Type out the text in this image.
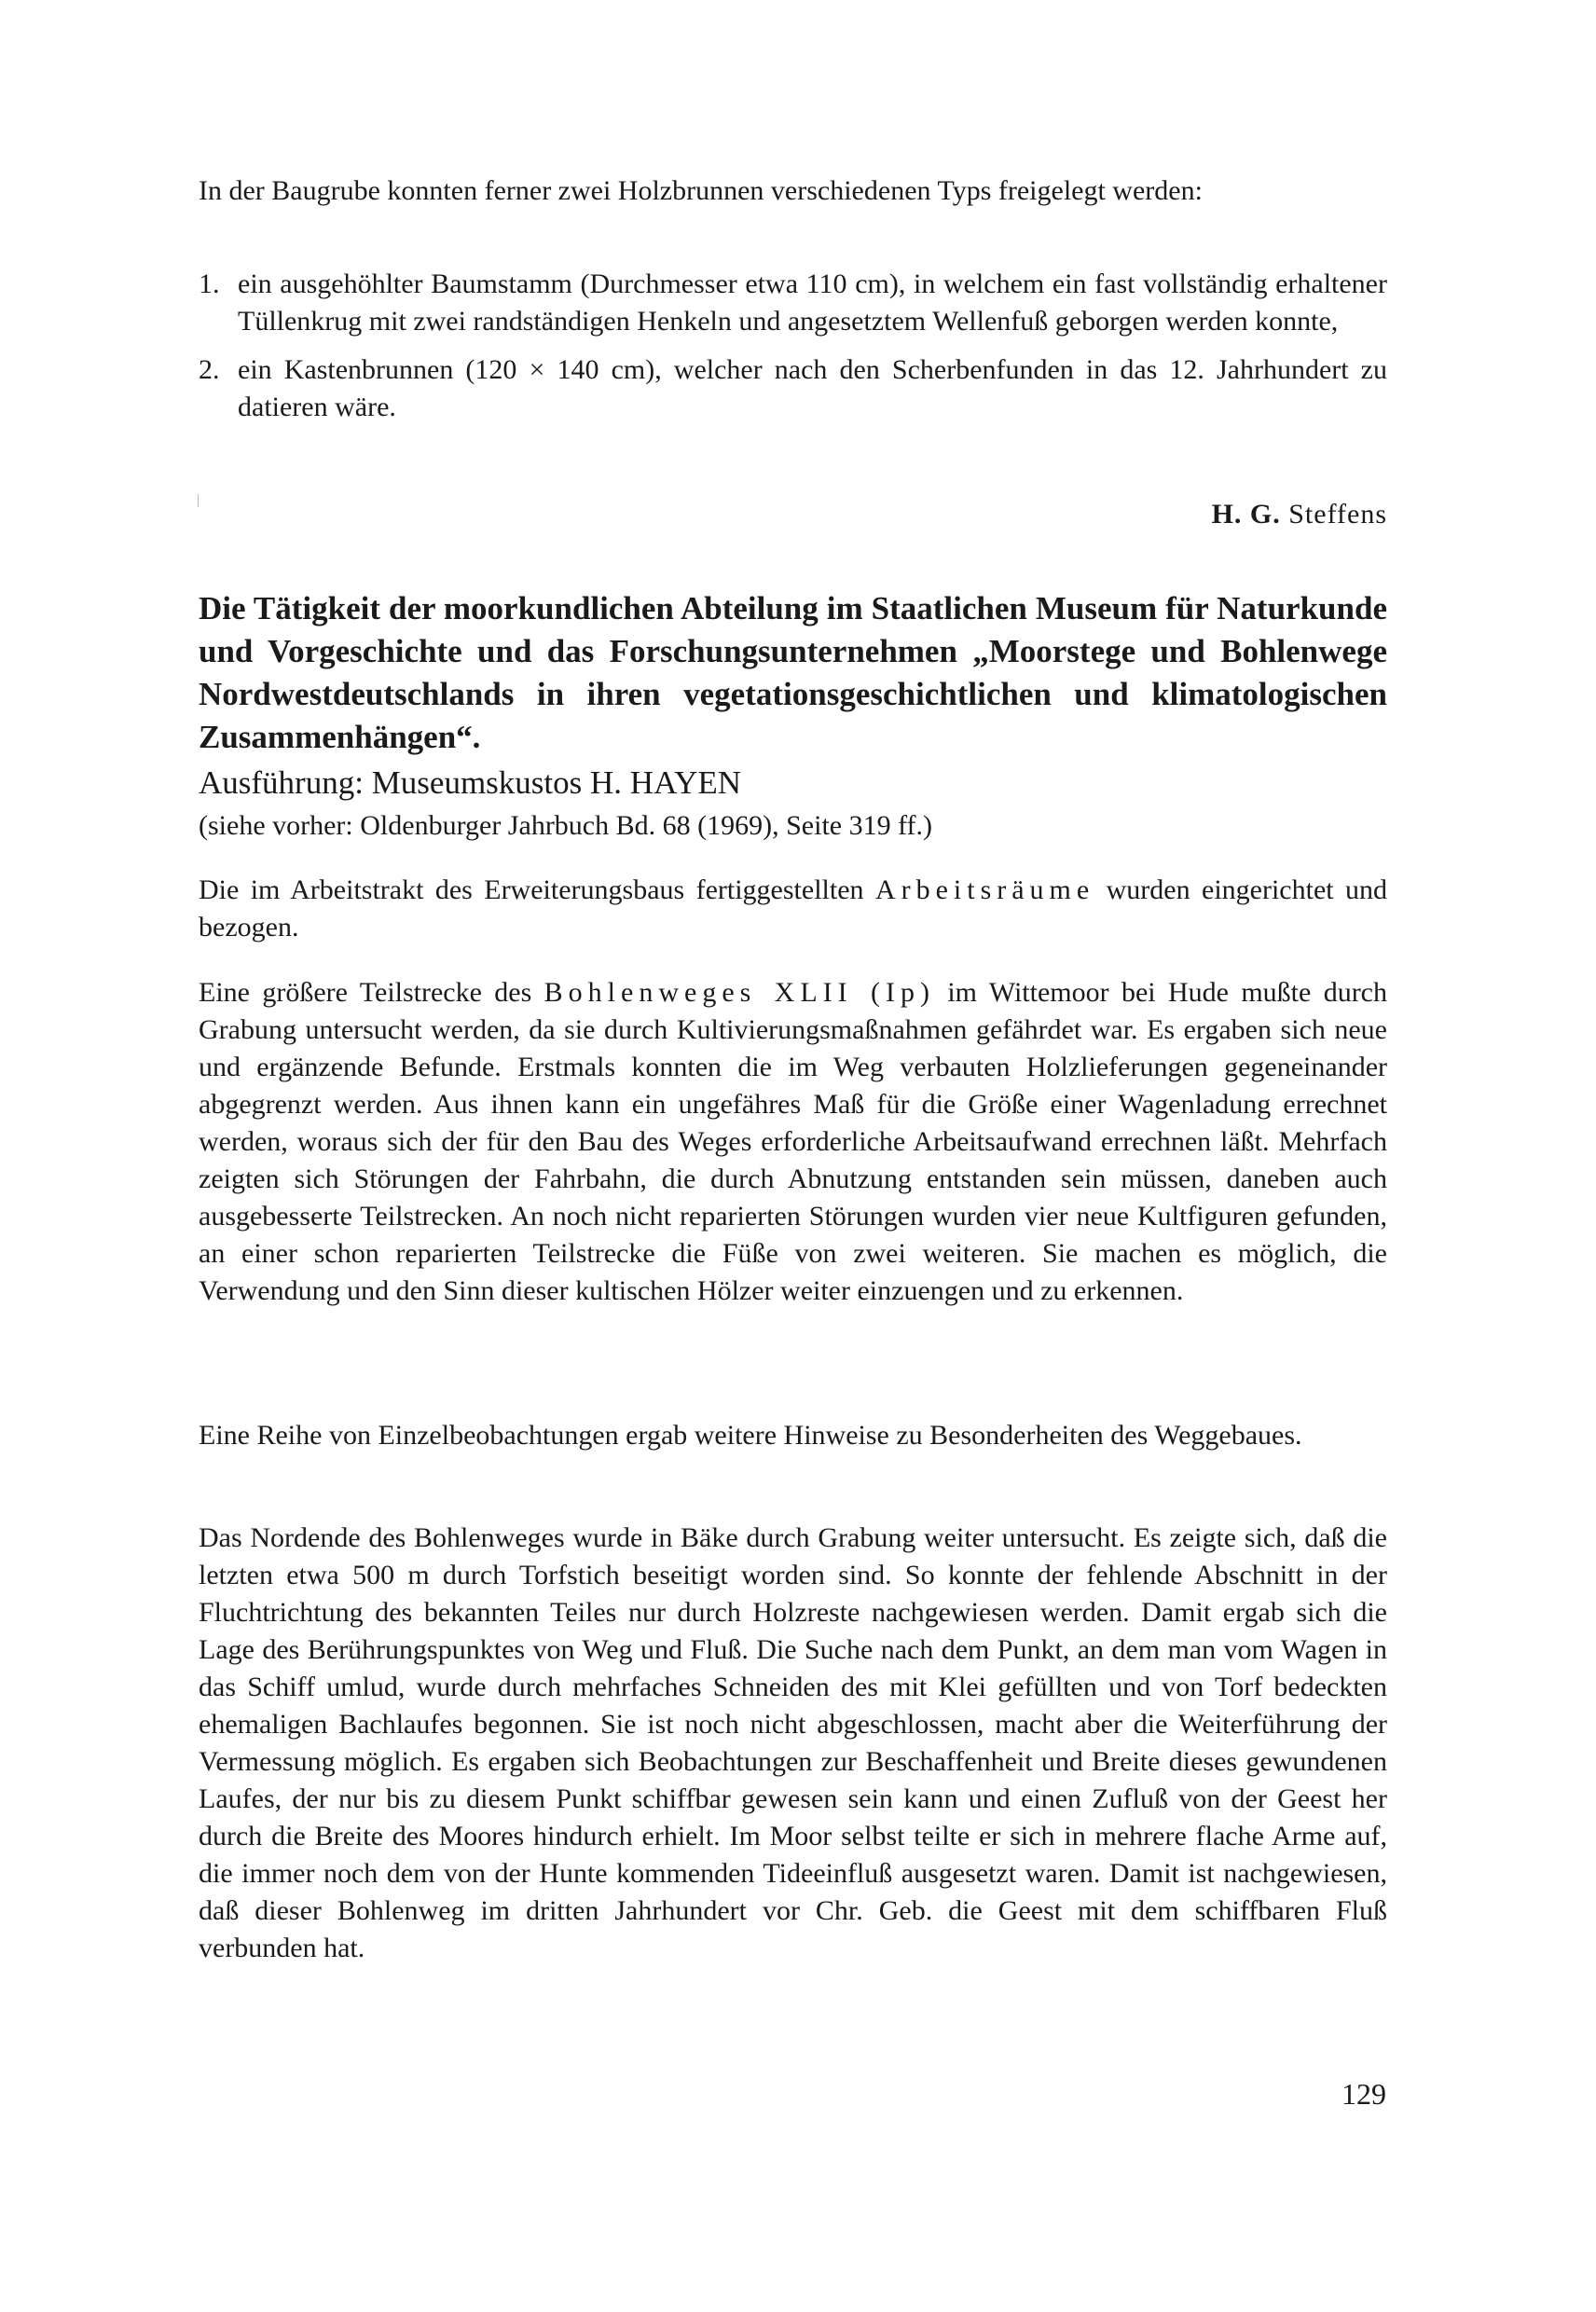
In der Baugrube konnten ferner zwei Holzbrunnen verschiedenen Typs freigelegt werden:

1. ein ausgehöhlter Baumstamm (Durchmesser etwa 110 cm), in welchem ein fast vollständig erhaltener Tüllenkrug mit zwei randständigen Henkeln und angesetztem Wellenfuß geborgen werden konnte,
2. ein Kastenbrunnen (120 × 140 cm), welcher nach den Scherbenfunden in das 12. Jahrhundert zu datieren wäre.
H. G. Steffens
Die Tätigkeit der moorkundlichen Abteilung im Staatlichen Museum für Naturkunde und Vorgeschichte und das Forschungsunternehmen „Moorstege und Bohlenwege Nordwestdeutschlands in ihren vegetationsgeschichtlichen und klimatologischen Zusammenhängen“.

Ausführung: Museumskustos H. HAYEN

(siehe vorher: Oldenburger Jahrbuch Bd. 68 (1969), Seite 319 ff.)

Die im Arbeitstrakt des Erweiterungsbaus fertiggestellten Arbeitsräume wurden eingerichtet und bezogen.

Eine größere Teilstrecke des Bohlenweges XLII (Ip) im Wittemoor bei Hude mußte durch Grabung untersucht werden, da sie durch Kultivierungsmaßnahmen gefährdet war. Es ergaben sich neue und ergänzende Befunde. Erstmals konnten die im Weg verbauten Holzlieferungen gegeneinander abgegrenzt werden. Aus ihnen kann ein ungefähres Maß für die Größe einer Wagenladung errechnet werden, woraus sich der für den Bau des Weges erforderliche Arbeitsaufwand errechnen läßt. Mehrfach zeigten sich Störungen der Fahrbahn, die durch Abnutzung entstanden sein müssen, daneben auch ausgebesserte Teilstrecken. An noch nicht reparierten Störungen wurden vier neue Kultfiguren gefunden, an einer schon reparierten Teilstrecke die Füße von zwei weiteren. Sie machen es möglich, die Verwendung und den Sinn dieser kultischen Hölzer weiter einzuengen und zu erkennen.

Eine Reihe von Einzelbeobachtungen ergab weitere Hinweise zu Besonderheiten des Weggebaues.

Das Nordende des Bohlenweges wurde in Bäke durch Grabung weiter untersucht. Es zeigte sich, daß die letzten etwa 500 m durch Torfstich beseitigt worden sind. So konnte der fehlende Abschnitt in der Fluchtrichtung des bekannten Teiles nur durch Holzreste nachgewiesen werden. Damit ergab sich die Lage des Berührungspunktes von Weg und Fluß. Die Suche nach dem Punkt, an dem man vom Wagen in das Schiff umlud, wurde durch mehrfaches Schneiden des mit Klei gefüllten und von Torf bedeckten ehemaligen Bachlaufes begonnen. Sie ist noch nicht abgeschlossen, macht aber die Weiterführung der Vermessung möglich. Es ergaben sich Beobachtungen zur Beschaffenheit und Breite dieses gewundenen Laufes, der nur bis zu diesem Punkt schiffbar gewesen sein kann und einen Zufluß von der Geest her durch die Breite des Moores hindurch erhielt. Im Moor selbst teilte er sich in mehrere flache Arme auf, die immer noch dem von der Hunte kommenden Tideeinfluß ausgesetzt waren. Damit ist nachgewiesen, daß dieser Bohlenweg im dritten Jahrhundert vor Chr. Geb. die Geest mit dem schiffbaren Fluß verbunden hat.

129
